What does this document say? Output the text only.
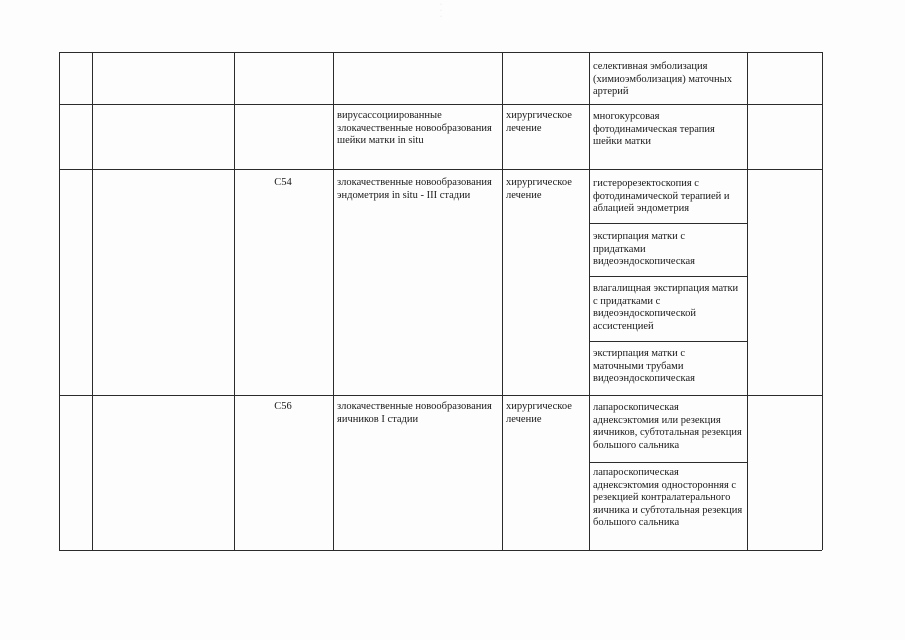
·
·
·
селективная эмболизация (химиоэмболизация) маточных артерий
вирусассоциированные злокачественные новообразования шейки матки in situ
хирургическое лечение
многокурсовая фотодинамическая терапия шейки матки
C54	злокачественные новообразования эндометрия in situ - III стадии
хирургическое лечение
гистерорезектоскопия с фотодинамической терапией и аблацией эндометрия
экстирпация матки с придатками видеоэндоскопическая
влагалищная экстирпация матки с придатками с видеоэндоскопической ассистенцией
экстирпация матки с маточными трубами видеоэндоскопическая
C56	злокачественные новообразования яичников I стадии
хирургическое лечение
лапароскопическая аднексэктомия или резекция яичников, субтотальная резекция большого сальника
лапароскопическая аднексэктомия односторонняя с резекцией контралатерального яичника и субтотальная резекция большого сальника
